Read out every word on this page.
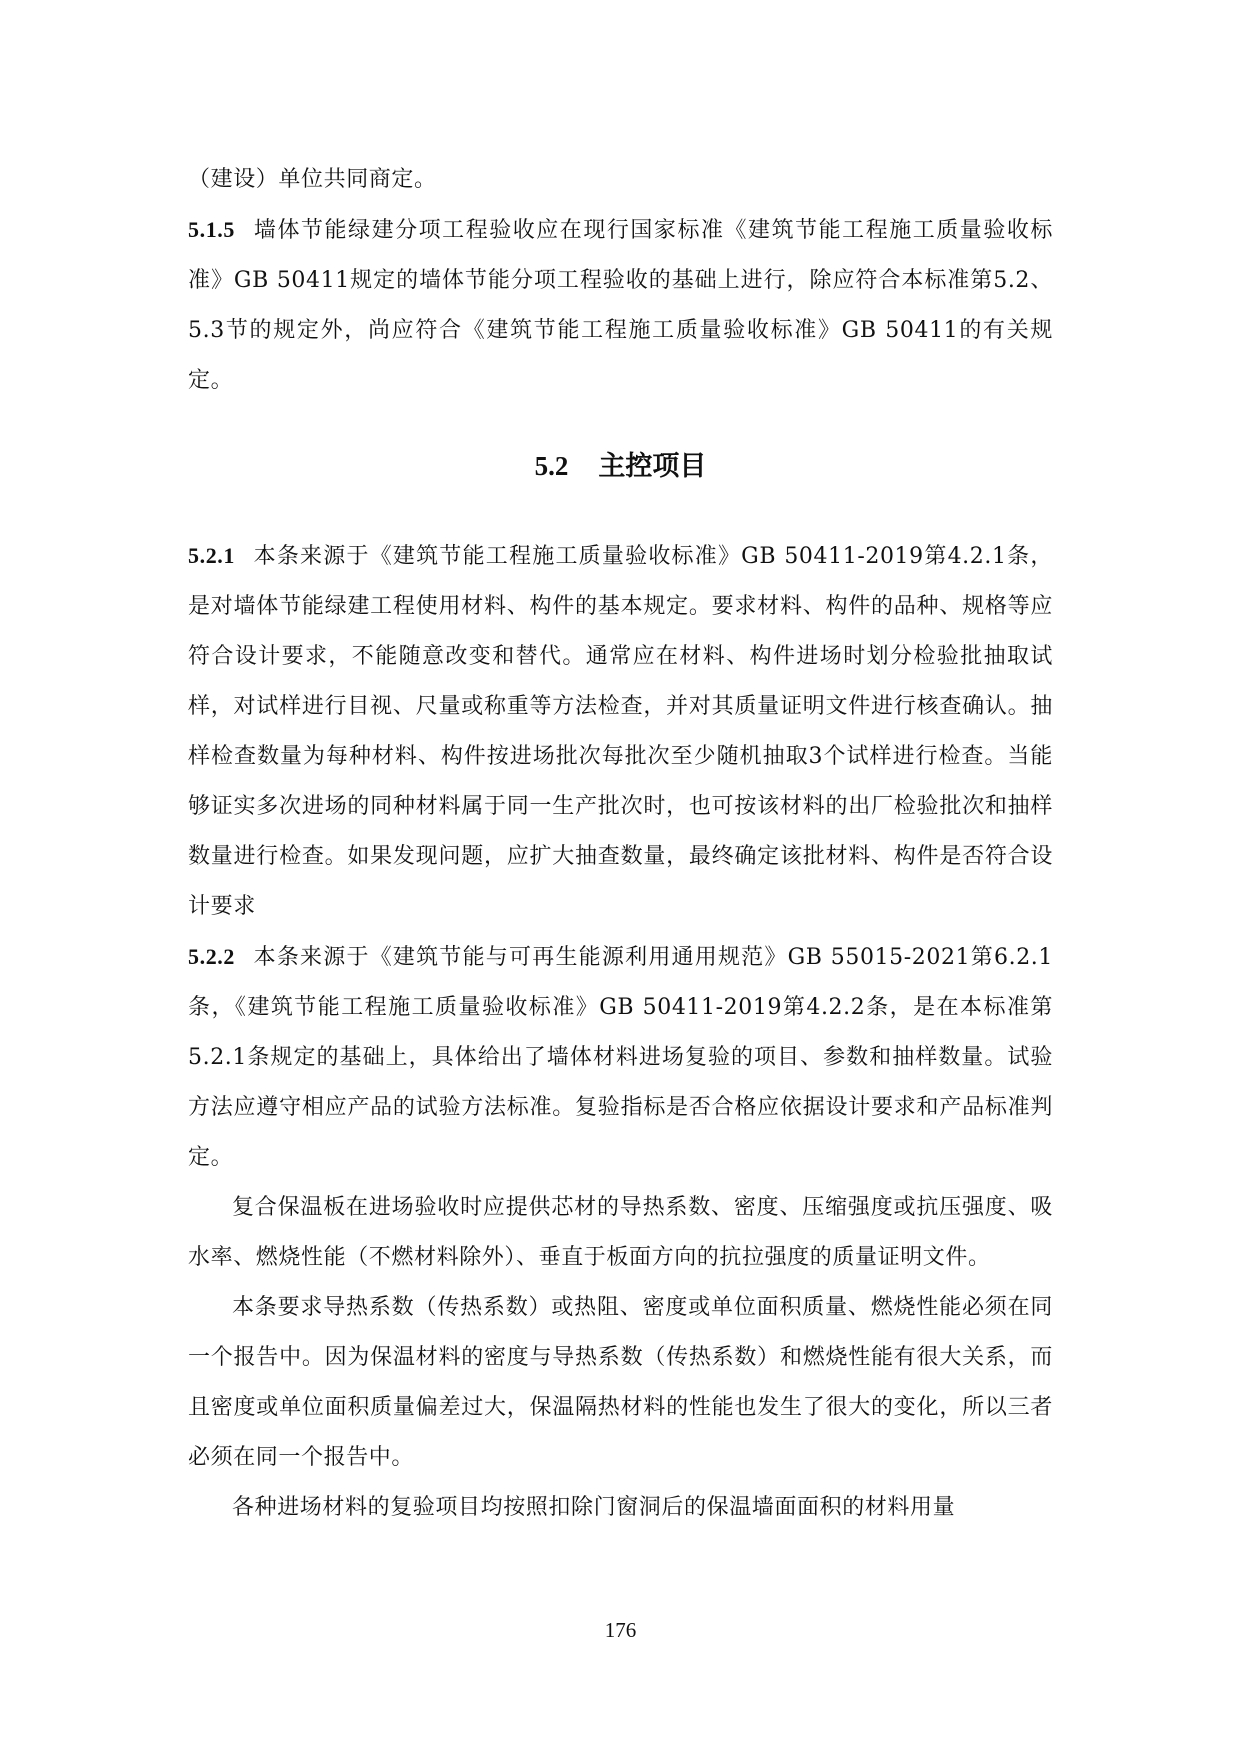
（建设）单位共同商定。

5.1.5 墙体节能绿建分项工程验收应在现行国家标准《建筑节能工程施工质量验收标准》GB 50411规定的墙体节能分项工程验收的基础上进行，除应符合本标准第5.2、5.3节的规定外，尚应符合《建筑节能工程施工质量验收标准》GB 50411的有关规定。

5.2 主控项目

5.2.1 本条来源于《建筑节能工程施工质量验收标准》GB 50411-2019第4.2.1条，是对墙体节能绿建工程使用材料、构件的基本规定。要求材料、构件的品种、规格等应符合设计要求，不能随意改变和替代。通常应在材料、构件进场时划分检验批抽取试样，对试样进行目视、尺量或称重等方法检查，并对其质量证明文件进行核查确认。抽样检查数量为每种材料、构件按进场批次每批次至少随机抽取3个试样进行检查。当能够证实多次进场的同种材料属于同一生产批次时，也可按该材料的出厂检验批次和抽样数量进行检查。如果发现问题，应扩大抽查数量，最终确定该批材料、构件是否符合设计要求

5.2.2 本条来源于《建筑节能与可再生能源利用通用规范》GB 55015-2021第6.2.1条，《建筑节能工程施工质量验收标准》GB 50411-2019第4.2.2条，是在本标准第5.2.1条规定的基础上，具体给出了墙体材料进场复验的项目、参数和抽样数量。试验方法应遵守相应产品的试验方法标准。复验指标是否合格应依据设计要求和产品标准判定。

复合保温板在进场验收时应提供芯材的导热系数、密度、压缩强度或抗压强度、吸水率、燃烧性能（不燃材料除外）、垂直于板面方向的抗拉强度的质量证明文件。

本条要求导热系数（传热系数）或热阻、密度或单位面积质量、燃烧性能必须在同一个报告中。因为保温材料的密度与导热系数（传热系数）和燃烧性能有很大关系，而且密度或单位面积质量偏差过大，保温隔热材料的性能也发生了很大的变化，所以三者必须在同一个报告中。

各种进场材料的复验项目均按照扣除门窗洞后的保温墙面面积的材料用量

176
